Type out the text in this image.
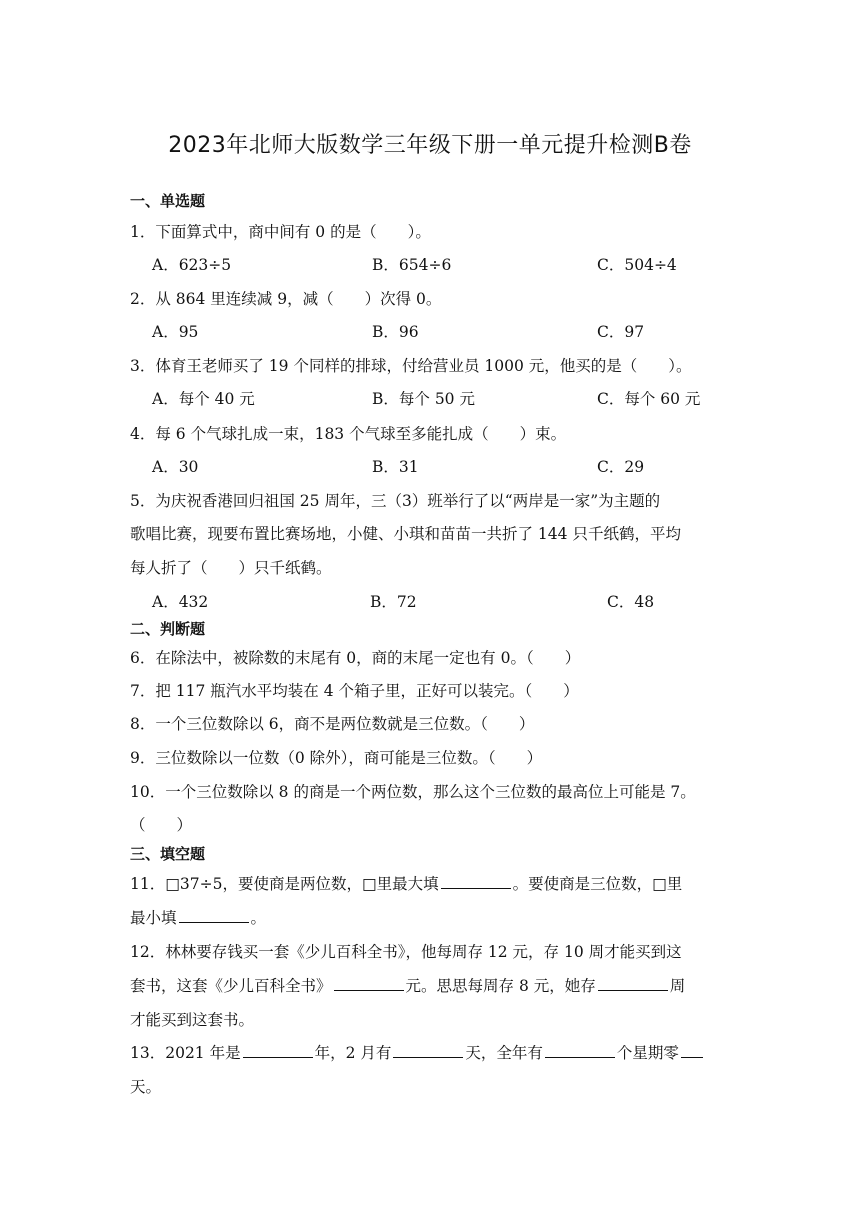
2023年北师大版数学三年级下册一单元提升检测B卷
一、单选题
1．下面算式中，商中间有 0 的是（　　）。
A．623÷5	B．654÷6	C．504÷4
2．从 864 里连续减 9，减（　　）次得 0。
A．95	B．96	C．97
3．体育王老师买了 19 个同样的排球，付给营业员 1000 元，他买的是（　　）。
A．每个 40 元	B．每个 50 元	C．每个 60 元
4．每 6 个气球扎成一束，183 个气球至多能扎成（　　）束。
A．30	B．31	C．29
5．为庆祝香港回归祖国 25 周年，三（3）班举行了以“两岸是一家”为主题的
歌唱比赛，现要布置比赛场地，小健、小琪和苗苗一共折了 144 只千纸鹤，平均
每人折了（　　）只千纸鹤。
A．432	B．72	C．48
二、判断题
6．在除法中，被除数的末尾有 0，商的末尾一定也有 0。（　　）
7．把 117 瓶汽水平均装在 4 个箱子里，正好可以装完。（　　）
8．一个三位数除以 6，商不是两位数就是三位数。（　　）
9．三位数除以一位数（0 除外），商可能是三位数。（　　）
10．一个三位数除以 8 的商是一个两位数，那么这个三位数的最高位上可能是 7。
（　　）
三、填空题
11．□37÷5，要使商是两位数，□里最大填	。要使商是三位数，□里
最小填	。
12．林林要存钱买一套《少儿百科全书》，他每周存 12 元，存 10 周才能买到这
套书，这套《少儿百科全书》	元。思思每周存 8 元，她存	周
才能买到这套书。
13．2021 年是	年，2 月有	天，全年有	个星期零
天。
